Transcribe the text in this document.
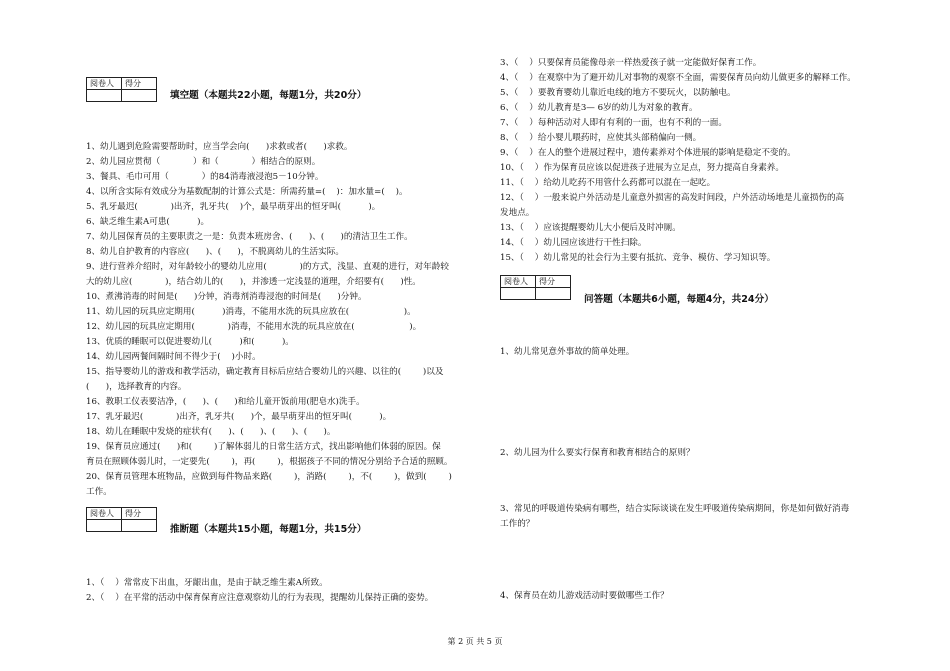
阅卷人	得分

填空题（本题共22小题，每题1分，共20分）
1、幼儿遇到危险需要帮助时，应当学会向(      )求救或者(      )求救。
2、幼儿园应贯彻（            ）和（            ）相结合的原则。
3、餐具、毛巾可用（            ）的84消毒液浸泡5－10分钟。
4、以所含实际有效成分为基数配制的计算公式是：所需药量=(    )：加水量=(    )。
5、乳牙最迟(            )出齐，乳牙共(    )个，最早萌芽出的恒牙叫(          )。
6、缺乏维生素A可患(          )。
7、幼儿园保育员的主要职责之一是：负责本班房舍、(      )、(      )的清洁卫生工作。
8、幼儿自护教育的内容应(      )、(      )，不脱离幼儿的生活实际。
9、进行营养介绍时，对年龄较小的婴幼儿应用(            )的方式，浅显、直观的进行，对年龄较
大的幼儿应(            )，结合幼儿的(      )，并渗透一定浅显的道理，介绍要有(      )性。
10、煮沸消毒的时间是(      )分钟，消毒剂消毒浸泡的时间是(      )分钟。
11、幼儿园的玩具应定期用(          )消毒，不能用水洗的玩具应放在(                    )。
12、幼儿园的玩具应定期用(            )消毒，不能用水洗的玩具应放在(                    )。
13、优质的睡眠可以促进婴幼儿(          )和(          )。
14、幼儿园两餐间隔时间不得少于(    )小时。
15、指导婴幼儿的游戏和教学活动，确定教育目标后应结合婴幼儿的兴趣、以往的(        )以及
(      )，选择教育的内容。
16、教职工仪表要洁净，(      )、(      )和给儿童开饭前用(肥皂水)洗手。
17、乳牙最迟(            )出齐，乳牙共(      )个，最早萌芽出的恒牙叫(          )。
18、幼儿在睡眠中发烧的症状有(      )、(      )、(      )、(      )。
19、保育员应通过(      )和(        )了解体弱儿的日常生活方式，找出影响他们体弱的原因。保
育员在照顾体弱儿时，一定要先(        )，再(        )，根据孩子不同的情况分别给予合适的照顾。
20、保育员管理本班物品，应做到每件物品来路(        )，消路(        )，不(        )，做到(        )
工作。
阅卷人	得分

推断题（本题共15小题，每题1分，共15分）
1、（    ）常常皮下出血，牙龈出血，是由于缺乏维生素A所致。
2、（    ）在平常的活动中保育保育应注意观察幼儿的行为表现，提醒幼儿保持正确的姿势。
3、（    ）只要保育员能像母亲一样热爱孩子就一定能做好保育工作。
4、（    ）在观察中为了避开幼儿对事物的观察不全面，需要保育员向幼儿做更多的解释工作。
5、（    ）要教育婴幼儿靠近电线的地方不要玩火，以防触电。
6、（    ）幼儿教育是3— 6岁的幼儿为对象的教育。
7、（    ）每种活动对人即有有利的一面，也有不利的一面。
8、（    ）给小婴儿喂药时，应使其头部稍偏向一侧。
9、（    ）在人的整个进展过程中，遗传素养对个体进展的影响是稳定不变的。
10、（    ）作为保育员应该以促进孩子进展为立足点，努力提高自身素养。
11、（    ）给幼儿吃药不用管什么药都可以混在一起吃。
12、（    ）一般来说户外活动是儿童意外损害的高发时间段，户外活动场地是儿童损伤的高
发地点。
13、（    ）应该提醒婴幼儿大小便后及时冲厕。
14、（    ）幼儿园应该进行干性扫除。
15、（    ）幼儿常见的社会行为主要有抵抗、竞争、模仿、学习知识等。
阅卷人	得分

问答题（本题共6小题，每题4分，共24分）
1、幼儿常见意外事故的简单处理。
2、幼儿园为什么要实行保育和教育相结合的原则？
3、常见的呼吸道传染病有哪些，结合实际谈谈在发生呼吸道传染病期间，你是如何做好消毒
工作的？
4、保育员在幼儿游戏活动时要做哪些工作？
第 2 页 共 5 页
